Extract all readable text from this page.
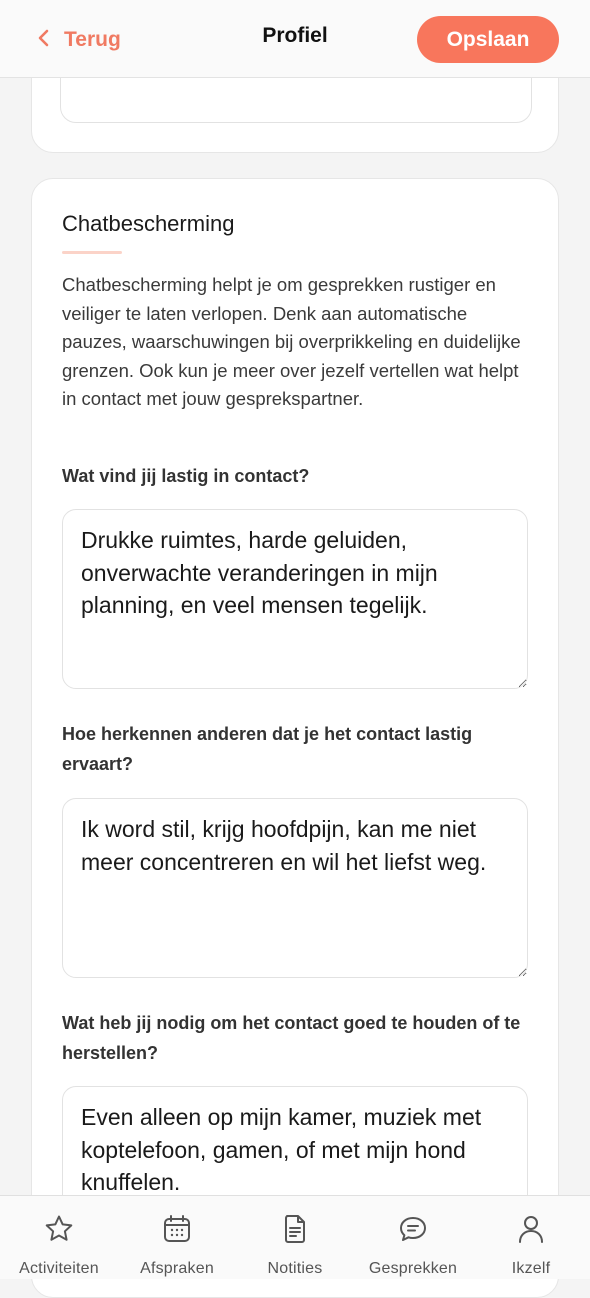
Chatbescherming
Chatbescherming helpt je om gesprekken rustiger en veiliger te laten verlopen. Denk aan automatische pauzes, waarschuwingen bij overprikkeling en duidelijke grenzen. Ook kun je meer over jezelf vertellen wat helpt in contact met jouw gesprekspartner.
Wat vind jij lastig in contact?
Drukke ruimtes, harde geluiden, onverwachte veranderingen in mijn planning, en veel mensen tegelijk.
Hoe herkennen anderen dat je het contact lastig ervaart?
Ik word stil, krijg hoofdpijn, kan me niet meer concentreren en wil het liefst weg.
Wat heb jij nodig om het contact goed te houden of te herstellen?
Even alleen op mijn kamer, muziek met koptelefoon, gamen, of met mijn hond knuffelen.
Terug	Profiel	Opslaan
Activiteiten	Afspraken	Notities	Gesprekken	Ikzelf
